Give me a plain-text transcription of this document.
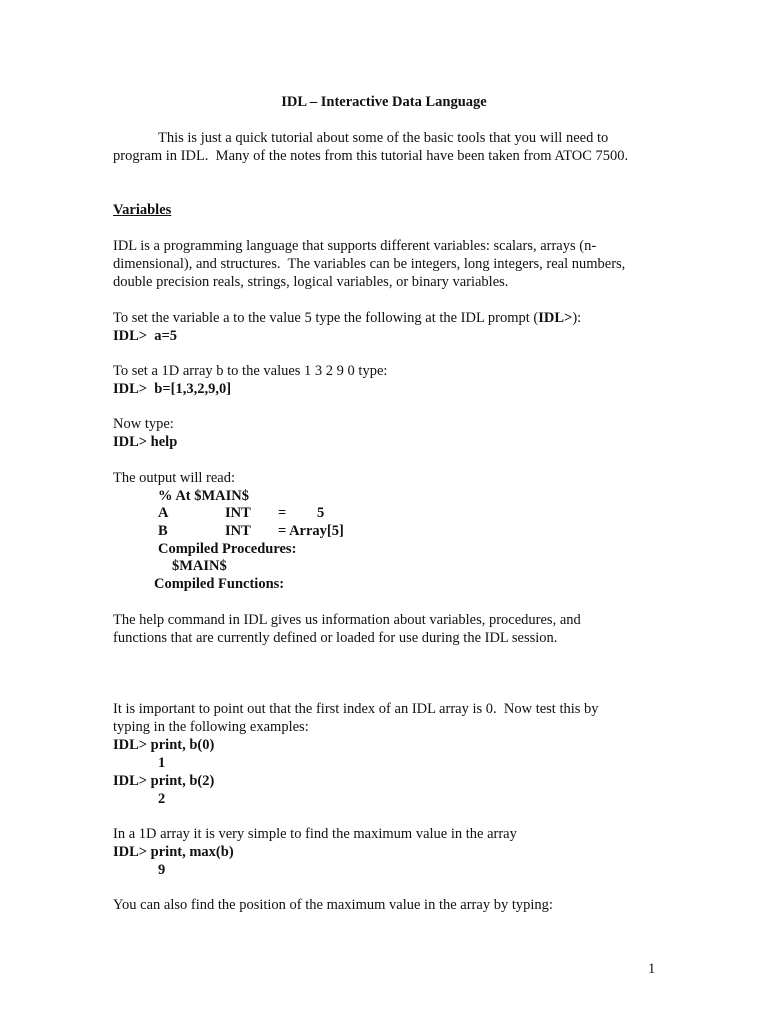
IDL – Interactive Data Language
This is just a quick tutorial about some of the basic tools that you will need to
program in IDL.  Many of the notes from this tutorial have been taken from ATOC 7500.
Variables
IDL is a programming language that supports different variables: scalars, arrays (n-
dimensional), and structures.  The variables can be integers, long integers, real numbers,
double precision reals, strings, logical variables, or binary variables.
To set the variable a to the value 5 type the following at the IDL prompt (IDL>):
IDL>  a=5
To set a 1D array b to the values 1 3 2 9 0 type:
IDL>  b=[1,3,2,9,0]
Now type:
IDL> help
The output will read:
% At $MAIN$
A	INT = 5
B	INT = Array[5]
Compiled Procedures:
$MAIN$
Compiled Functions:
The help command in IDL gives us information about variables, procedures, and
functions that are currently defined or loaded for use during the IDL session.
It is important to point out that the first index of an IDL array is 0.  Now test this by
typing in the following examples:
IDL> print, b(0)
1
IDL> print, b(2)
2
In a 1D array it is very simple to find the maximum value in the array
IDL> print, max(b)
9
You can also find the position of the maximum value in the array by typing:
1
